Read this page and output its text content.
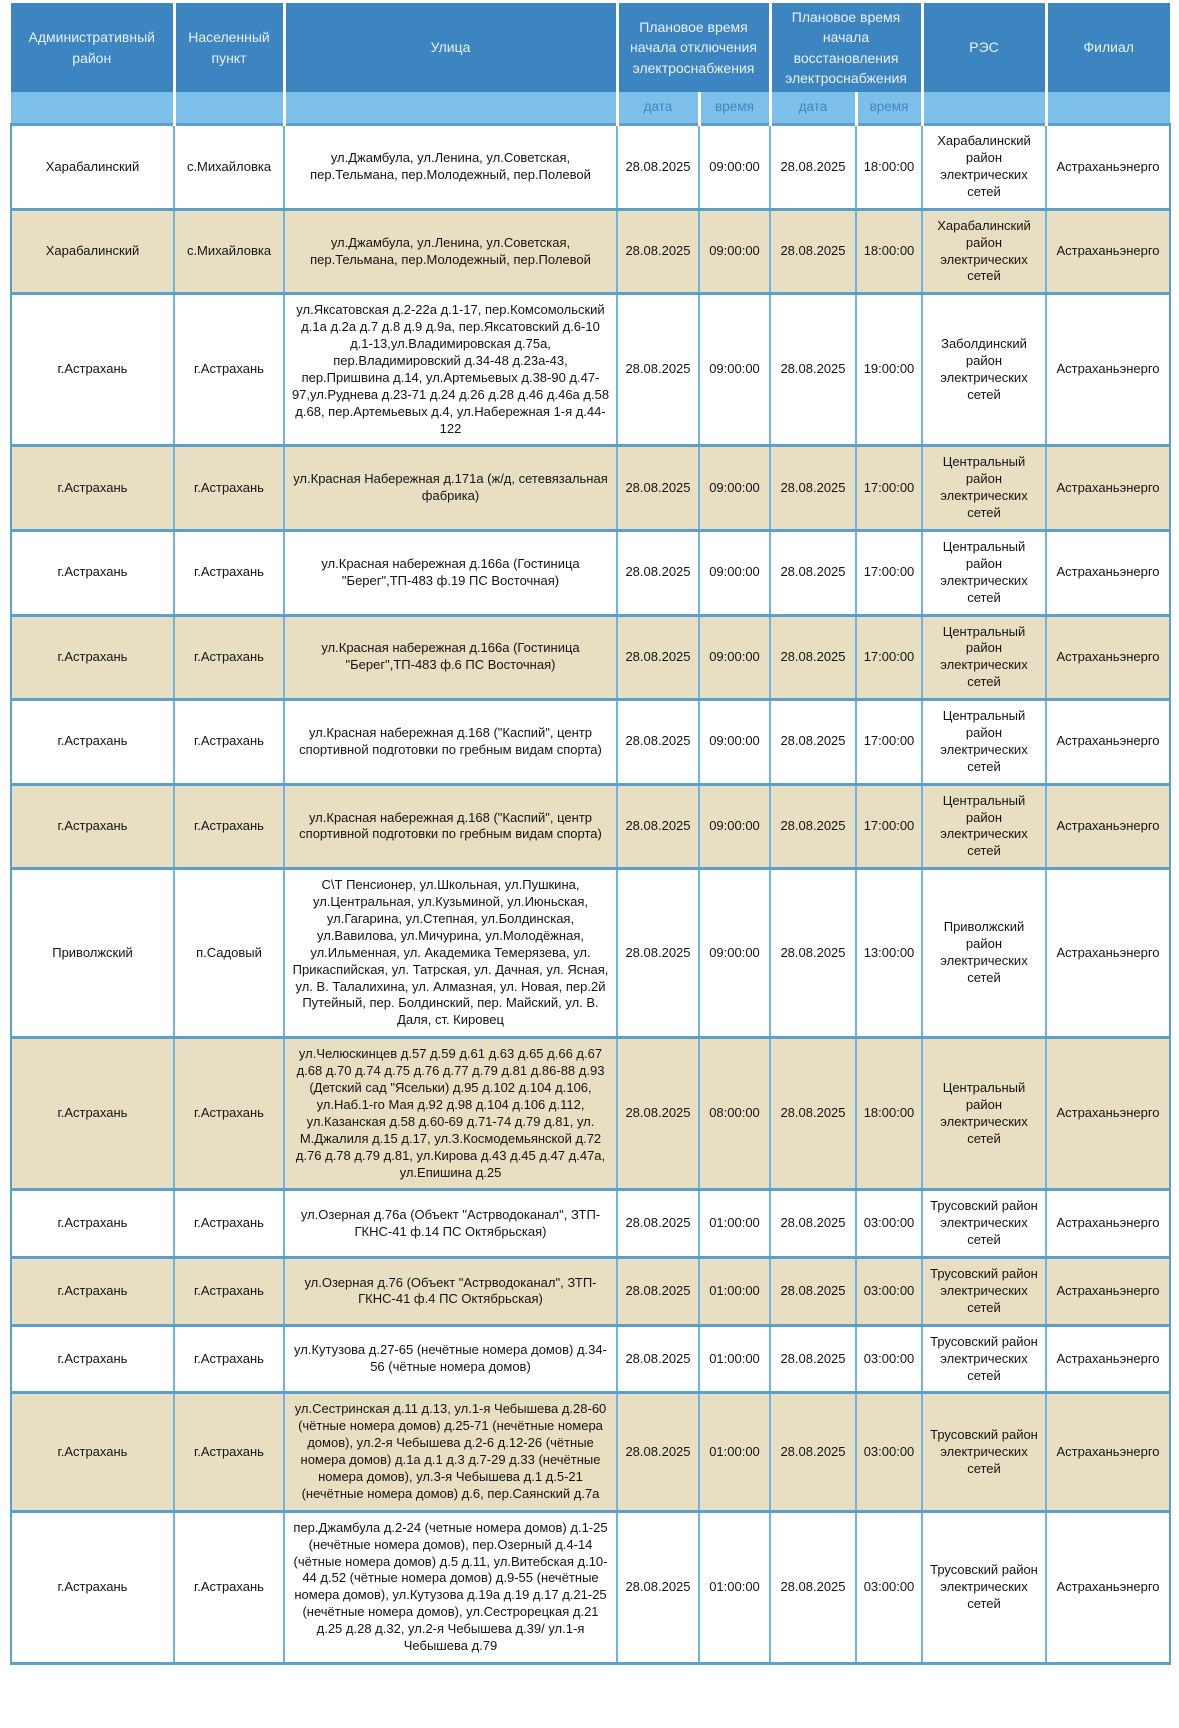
Административный район	Населенный пункт	Улица	Плановое время начала отключения электроснабжения		Плановое время начала восстановления электроснабжения		РЭС	Филиал
			дата	время	дата	время		
Харабалинский	с.Михайловка	ул.Джамбула, ул.Ленина, ул.Советская, пер.Тельмана, пер.Молодежный, пер.Полевой	28.08.2025	09:00:00	28.08.2025	18:00:00	Харабалинский район электрических сетей	Астраханьэнерго
Харабалинский	с.Михайловка	ул.Джамбула, ул.Ленина, ул.Советская, пер.Тельмана, пер.Молодежный, пер.Полевой	28.08.2025	09:00:00	28.08.2025	18:00:00	Харабалинский район электрических сетей	Астраханьэнерго
г.Астрахань	г.Астрахань	ул.Яксатовская д.2-22а д.1-17, пер.Комсомольский д.1а д.2а д.7 д.8 д.9 д.9а, пер.Яксатовский д.6-10 д.1-13,ул.Владимировская д.75а, пер.Владимировский д.34-48 д.23а-43, пер.Пришвина д.14, ул.Артемьевых д.38-90 д.47-97,ул.Руднева д.23-71 д.24 д.26 д.28 д.46 д.46а д.58 д.68, пер.Артемьевых д.4, ул.Набережная 1-я д.44-122	28.08.2025	09:00:00	28.08.2025	19:00:00	Заболдинский район электрических сетей	Астраханьэнерго
г.Астрахань	г.Астрахань	ул.Красная Набережная д.171а (ж/д, сетевязальная фабрика)	28.08.2025	09:00:00	28.08.2025	17:00:00	Центральный район электрических сетей	Астраханьэнерго
г.Астрахань	г.Астрахань	ул.Красная набережная д.166а (Гостиница "Берег",ТП-483 ф.19 ПС Восточная)	28.08.2025	09:00:00	28.08.2025	17:00:00	Центральный район электрических сетей	Астраханьэнерго
г.Астрахань	г.Астрахань	ул.Красная набережная д.166а (Гостиница "Берег",ТП-483 ф.6 ПС Восточная)	28.08.2025	09:00:00	28.08.2025	17:00:00	Центральный район электрических сетей	Астраханьэнерго
г.Астрахань	г.Астрахань	ул.Красная набережная д.168 ("Каспий", центр спортивной подготовки по гребным видам спорта)	28.08.2025	09:00:00	28.08.2025	17:00:00	Центральный район электрических сетей	Астраханьэнерго
г.Астрахань	г.Астрахань	ул.Красная набережная д.168 ("Каспий", центр спортивной подготовки по гребным видам спорта)	28.08.2025	09:00:00	28.08.2025	17:00:00	Центральный район электрических сетей	Астраханьэнерго
Приволжский	п.Садовый	С\Т Пенсионер, ул.Школьная, ул.Пушкина, ул.Центральная, ул.Кузьминой, ул.Июньская, ул.Гагарина, ул.Степная, ул.Болдинская, ул.Вавилова, ул.Мичурина, ул.Молодёжная, ул.Ильменная, ул. Академика Темерязева, ул. Прикаспийская, ул. Татрская, ул. Дачная, ул. Ясная, ул. В. Талалихина, ул. Алмазная, ул. Новая, пер.2й Путейный, пер. Болдинский, пер. Майский, ул. В. Даля, ст. Кировец	28.08.2025	09:00:00	28.08.2025	13:00:00	Приволжский район электрических сетей	Астраханьэнерго
г.Астрахань	г.Астрахань	ул.Челюскинцев д.57 д.59 д.61 д.63 д.65 д.66 д.67 д.68 д.70 д.74 д.75 д.76 д.77 д.79 д.81 д.86-88 д.93 (Детский сад "Ясельки) д.95 д.102 д.104 д.106, ул.Наб.1-го Мая д.92 д.98 д.104 д.106 д.112, ул.Казанская д.58 д.60-69 д.71-74 д.79 д.81, ул. М.Джалиля д.15 д.17, ул.З.Космодемьянской д.72 д.76 д.78 д.79 д.81, ул.Кирова д.43 д.45 д.47 д.47а, ул.Епишина д.25	28.08.2025	08:00:00	28.08.2025	18:00:00	Центральный район электрических сетей	Астраханьэнерго
г.Астрахань	г.Астрахань	ул.Озерная д.76а (Объект "Астрводоканал", ЗТП-ГКНС-41 ф.14 ПС Октябрьская)	28.08.2025	01:00:00	28.08.2025	03:00:00	Трусовский район электрических сетей	Астраханьэнерго
г.Астрахань	г.Астрахань	ул.Озерная д.76 (Объект "Астрводоканал", ЗТП-ГКНС-41 ф.4 ПС Октябрьская)	28.08.2025	01:00:00	28.08.2025	03:00:00	Трусовский район электрических сетей	Астраханьэнерго
г.Астрахань	г.Астрахань	ул.Кутузова д.27-65 (нечётные номера домов) д.34-56 (чётные номера домов)	28.08.2025	01:00:00	28.08.2025	03:00:00	Трусовский район электрических сетей	Астраханьэнерго
г.Астрахань	г.Астрахань	ул.Сестринская д.11 д.13, ул.1-я Чебышева д.28-60 (чётные номера домов) д.25-71 (нечётные номера домов), ул.2-я Чебышева д.2-6 д.12-26 (чётные номера домов) д.1а д.1 д.3 д.7-29 д.33 (нечётные номера домов), ул.3-я Чебышева д.1 д.5-21 (нечётные номера домов) д.6, пер.Саянский д.7а	28.08.2025	01:00:00	28.08.2025	03:00:00	Трусовский район электрических сетей	Астраханьэнерго
г.Астрахань	г.Астрахань	пер.Джамбула д.2-24 (четные номера домов) д.1-25 (нечётные номера домов), пер.Озерный д.4-14 (чётные номера домов) д.5 д.11, ул.Витебская д.10-44 д.52 (чётные номера домов) д.9-55 (нечётные номера домов), ул.Кутузова д.19а д.19 д.17 д.21-25 (нечётные номера домов), ул.Сестрорецкая д.21 д.25 д.28 д.32, ул.2-я Чебышева д.39/ ул.1-я Чебышева д.79	28.08.2025	01:00:00	28.08.2025	03:00:00	Трусовский район электрических сетей	Астраханьэнерго
